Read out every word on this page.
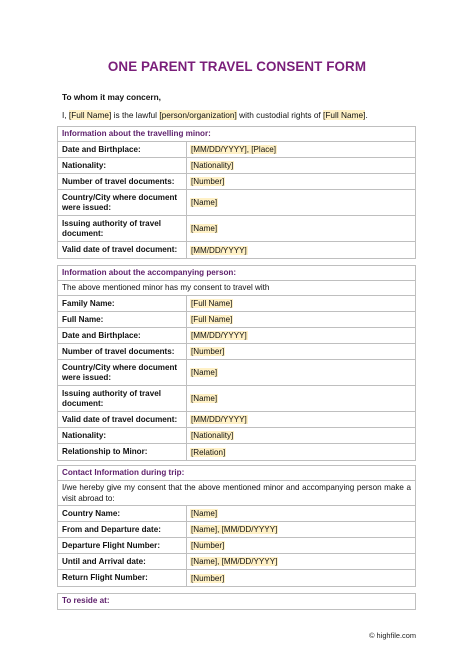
ONE PARENT TRAVEL CONSENT FORM
To whom it may concern,
I, [Full Name] is the lawful [person/organization] with custodial rights of [Full Name].
Information about the travelling minor:
Date and Birthplace:	[MM/DD/YYYY], [Place]
Nationality:	[Nationality]
Number of travel documents:	[Number]
Country/City where document were issued:	[Name]
Issuing authority of travel document:	[Name]
Valid date of travel document:	[MM/DD/YYYY]
Information about the accompanying person:
The above mentioned minor has my consent to travel with
Family Name:	[Full Name]
Full Name:	[Full Name]
Date and Birthplace:	[MM/DD/YYYY]
Number of travel documents:	[Number]
Country/City where document were issued:	[Name]
Issuing authority of travel document:	[Name]
Valid date of travel document:	[MM/DD/YYYY]
Nationality:	[Nationality]
Relationship to Minor:	[Relation]
Contact Information during trip:
I/we hereby give my consent that the above mentioned minor and accompanying person make a visit abroad to:
Country Name:	[Name]
From and Departure date:	[Name], [MM/DD/YYYY]
Departure Flight Number:	[Number]
Until and Arrival date:	[Name], [MM/DD/YYYY]
Return Flight Number:	[Number]
To reside at:
© highfile.com
